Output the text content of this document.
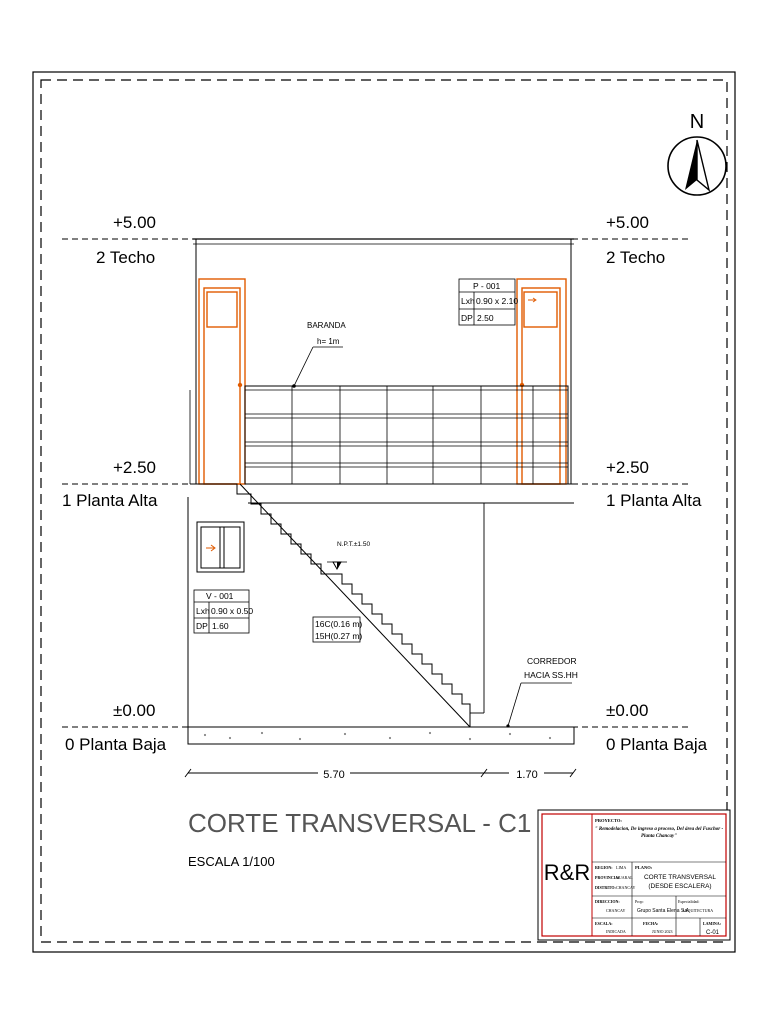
N
+5.00
2 Techo
+5.00
2 Techo
+2.50
1 Planta Alta
+2.50
1 Planta Alta
±0.00
0 Planta Baja
±0.00
0 Planta Baja
BARANDA
h= 1m
P - 001
Lxh 0.90 x 2.10
DP 2.50
V - 001
Lxh 0.90 x 0.50
DP 1.60
N.P.T.±1.50
16C(0.16 m)
15H(0.27 m)
CORREDOR
HACIA SS.HH
5.70	1.70
CORTE TRANSVERSAL - C1
ESCALA 1/100	R&R
PROYECTO:
" Remodelacion, De ingreso a proceso, Del área del Fuschor - Planta Chancay"
REGION: LIMA
PROVINCIA:
HUARAL
DISTRITO: CHANCAY
PLANO:
CORTE TRANSVERSAL
(DESDE ESCALERA)
DIRECCION:
CHANCAY
Prop:
Grupo Santa Elena S.A
Especialidad:
ARQUITECTURA
ESCALA:
INDICADA
FECHA:
JUNIO 2023
LAMINA:
C-01
